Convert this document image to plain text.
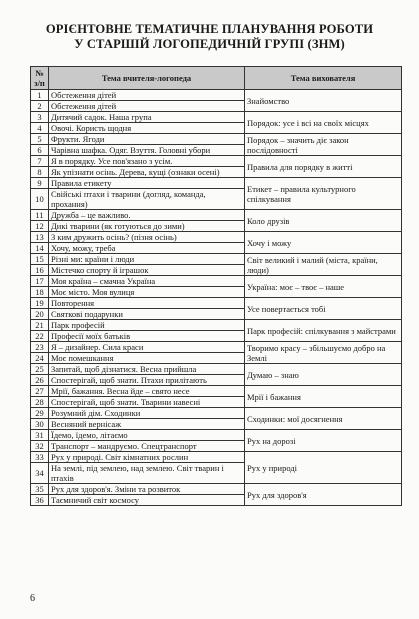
ОРІЄНТОВНЕ ТЕМАТИЧНЕ ПЛАНУВАННЯ РОБОТИ
У СТАРШІЙ ЛОГОПЕДИЧНІЙ ГРУПІ (ЗНМ)
№
з/п	Тема вчителя-логопеда	Тема вихователя
1	Обстеження дітей	Знайомство
2	Обстеження дітей	
3	Дитячий садок. Наша група	Порядок: усе і всі на своїх місцях
4	Овочі. Користь щодня	
5	Фрукти. Ягоди	Порядок – значить діє закон послідовності
6	Чарівна шафка. Одяг. Взуття. Головні убори	
7	Я в порядку. Усе пов'язано з усім.	Правила для порядку в житті
8	Як упізнати осінь. Дерева, кущі (ознаки осені)	
9	Правила етикету	Етикет – правила культурного спілкування
10	Свійські птахи і тварини (догляд, команда, прохання)	
11	Дружба – це важливо.	Коло друзів
12	Дикі тварини (як готуються до зими)	
13	З ким дружить осінь? (пізня осінь)	Хочу і можу
14	Хочу, можу, треба	
15	Різні ми: країни і люди	Світ великий і малий (міста, країни, люди)
16	Містечко спорту й іграшок	
17	Моя країна – смачна Україна	Україна: моє – твоє – наше
18	Моє місто. Моя вулиця	
19	Повторення	Усе повертається тобі
20	Святкові подарунки	
21	Парк професій	Парк професій: спілкування з майстрами
22	Професії моїх батьків	
23	Я – дизайнер. Сила краси	Творимо красу – збільшуємо добро на Землі
24	Моє помешкання	
25	Запитай, щоб дізнатися. Весна прийшла	Думаю – знаю
26	Спостерігай, щоб знати. Птахи прилітають	
27	Мрії, бажання. Весна йде – свято несе	Мрії і бажання
28	Спостерігай, щоб знати. Тварини навесні	
29	Розумний дім. Сходинки	Сходинки: мої досягнення
30	Весняний вернісаж	
31	Їдемо, їдемо, літаємо	Рух на дорозі
32	Транспорт – мандруємо. Спецтранспорт	
33	Рух у природі. Світ кімнатних рослин	Рух у природі
34	На землі, під землею, над землею. Світ тварин і птахів	
35	Рух для здоров'я. Зміни та розвиток	Рух для здоров'я
36	Таємничий світ космосу	
6
